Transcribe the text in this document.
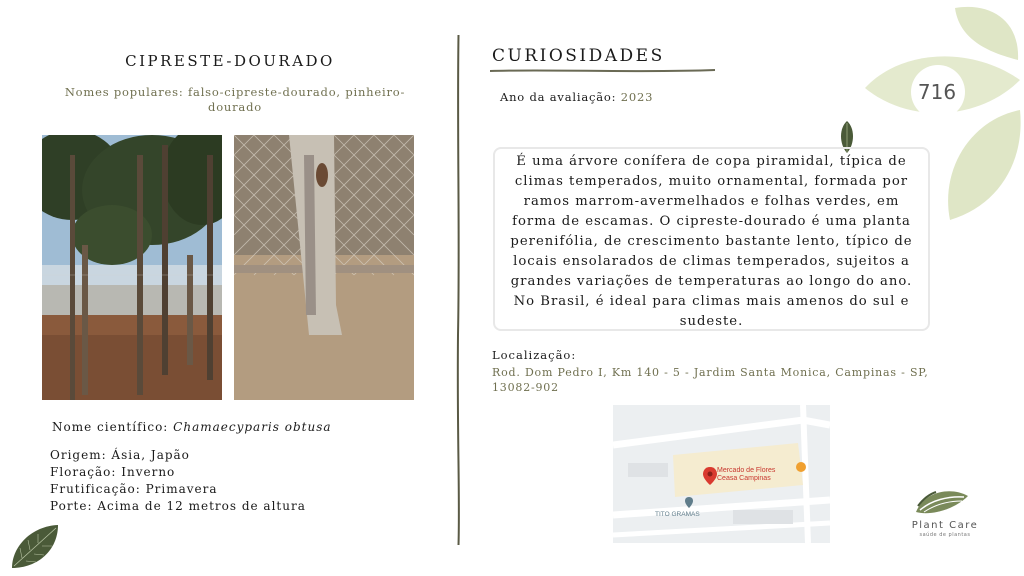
716
CIPRESTE-DOURADO
Nomes populares: falso-cipreste-dourado, pinheiro-dourado
Nome científico: Chamaecyparis obtusa
Origem: Ásia, Japão
Floração: Inverno
Frutificação: Primavera
Porte: Acima de 12 metros de altura
CURIOSIDADES
Ano da avaliação: 2023
É uma árvore conífera de copa piramidal, típica de climas temperados, muito ornamental, formada por ramos marrom-avermelhados e folhas verdes, em forma de escamas. O cipreste-dourado é uma planta perenifólia, de crescimento bastante lento, típico de locais ensolarados de climas temperados, sujeitos a grandes variações de temperaturas ao longo do ano. No Brasil, é ideal para climas mais amenos do sul e sudeste.
Localização:
Rod. Dom Pedro I, Km 140 - 5 - Jardim Santa Monica, Campinas - SP, 13082-902
Mercado de Flores
Ceasa Campinas
TITO GRAMAS
Plant Care
saúde de plantas
